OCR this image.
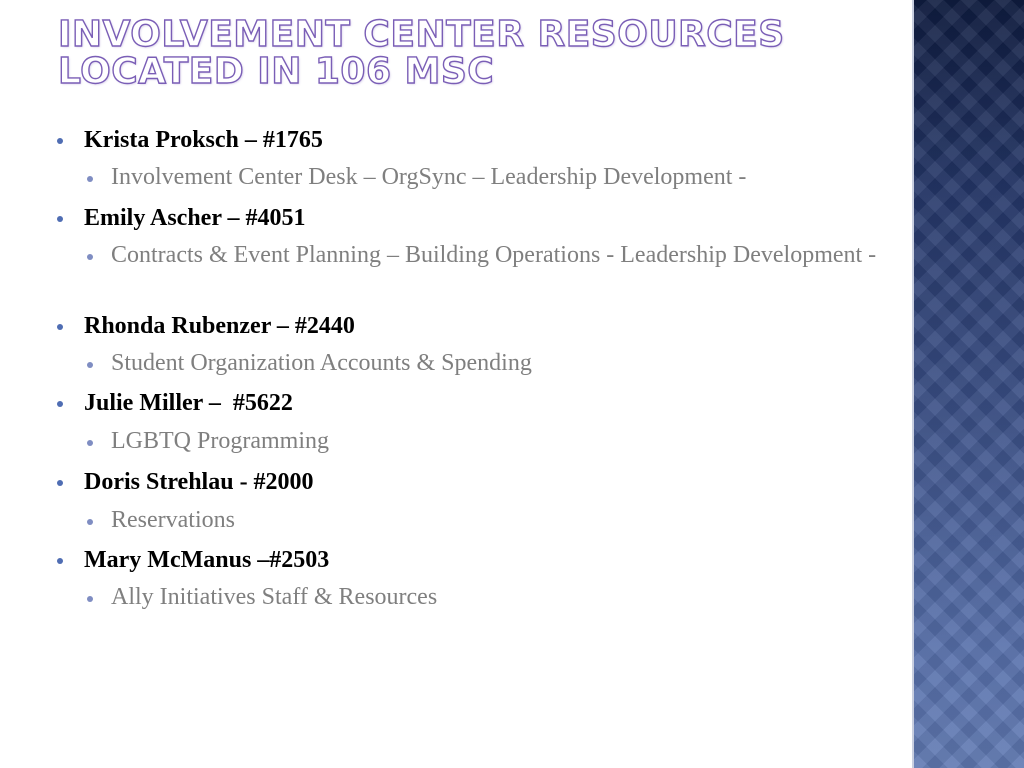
INVOLVEMENT CENTER RESOURCES
LOCATED IN 106 MSC
Krista Proksch – #1765
Involvement Center Desk – OrgSync – Leadership Development -
Emily Ascher – #4051
Contracts & Event Planning – Building Operations - Leadership Development -
Rhonda Rubenzer – #2440
Student Organization Accounts & Spending
Julie Miller –  #5622
LGBTQ Programming
Doris Strehlau - #2000
Reservations
Mary McManus –#2503
Ally Initiatives Staff & Resources
